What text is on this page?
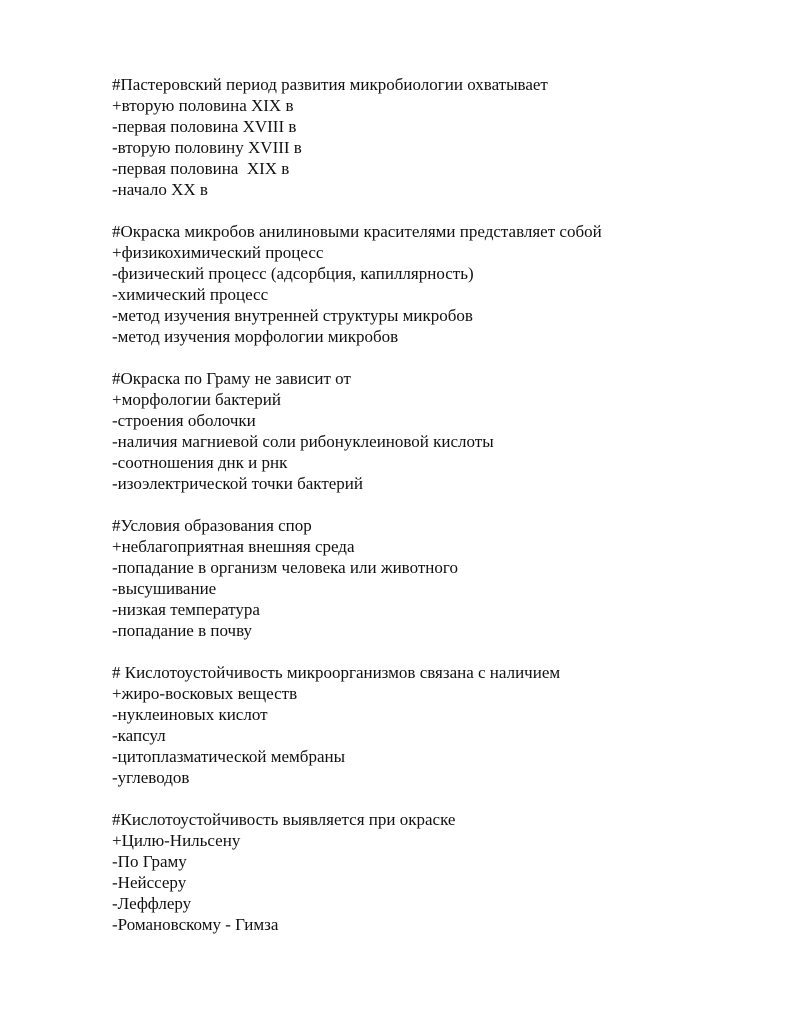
#Пастеровский период развития микробиологии охватывает
+вторую половина XIX в
-первая половина XVIII в
-вторую половину XVIII в
-первая половина  XIX в
-начало XX в
#Окраска микробов анилиновыми красителями представляет собой
+физикохимический процесс
-физический процесс (адсорбция, капиллярность)
-химический процесс
-метод изучения внутренней структуры микробов
-метод изучения морфологии микробов
#Окраска по Граму не зависит от
+морфологии бактерий
-строения оболочки
-наличия магниевой соли рибонуклеиновой кислоты
-соотношения днк и рнк
-изоэлектрической точки бактерий
#Условия образования спор
+неблагоприятная внешняя среда
-попадание в организм человека или животного
-высушивание
-низкая температура
-попадание в почву
# Кислотоустойчивость микроорганизмов связана с наличием
+жиро-восковых веществ
-нуклеиновых кислот
-капсул
-цитоплазматической мембраны
-углеводов
#Кислотоустойчивость выявляется при окраске
+Цилю-Нильсену
-По Граму
-Нейссеру
-Леффлеру
-Романовскому - Гимза
